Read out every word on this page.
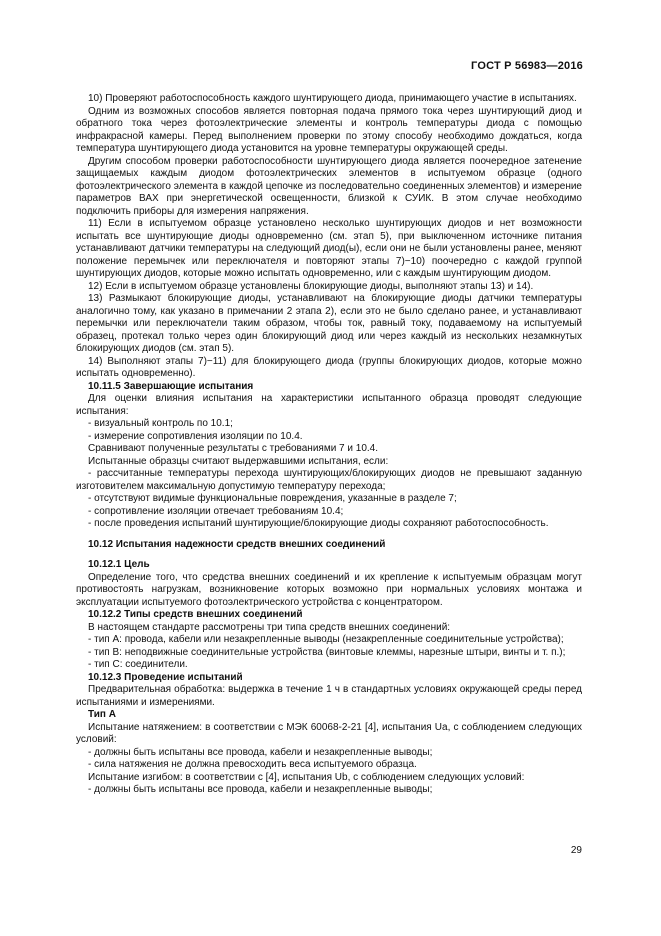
ГОСТ Р 56983—2016

10) Проверяют работоспособность каждого шунтирующего диода, принимающего участие в испытаниях.

Одним из возможных способов является повторная подача прямого тока через шунтирующий диод и обратного тока через фотоэлектрические элементы и контроль температуры диода с помощью инфракрасной камеры. Перед выполнением проверки по этому способу необходимо дождаться, когда температура шунтирующего диода установится на уровне температуры окружающей среды.

Другим способом проверки работоспособности шунтирующего диода является поочередное затенение защищаемых каждым диодом фотоэлектрических элементов в испытуемом образце (одного фотоэлектрического элемента в каждой цепочке из последовательно соединенных элементов) и измерение параметров ВАХ при энергетической освещенности, близкой к СУИК. В этом случае необходимо подключить приборы для измерения напряжения.

11) Если в испытуемом образце установлено несколько шунтирующих диодов и нет возможности испытать все шунтирующие диоды одновременно (см. этап 5), при выключенном источнике питания устанавливают датчики температуры на следующий диод(ы), если они не были установлены ранее, меняют положение перемычек или переключателя и повторяют этапы 7)−10) поочередно с каждой группой шунтирующих диодов, которые можно испытать одновременно, или с каждым шунтирующим диодом.

12) Если в испытуемом образце установлены блокирующие диоды, выполняют этапы 13) и 14).

13) Размыкают блокирующие диоды, устанавливают на блокирующие диоды датчики температуры аналогично тому, как указано в примечании 2 этапа 2), если это не было сделано ранее, и устанавливают перемычки или переключатели таким образом, чтобы ток, равный току, подаваемому на испытуемый образец, протекал только через один блокирующий диод или через каждый из нескольких незамкнутых блокирующих диодов (см. этап 5).

14) Выполняют этапы 7)−11) для блокирующего диода (группы блокирующих диодов, которые можно испытать одновременно).

10.11.5 Завершающие испытания

Для оценки влияния испытания на характеристики испытанного образца проводят следующие испытания:

- визуальный контроль по 10.1;

- измерение сопротивления изоляции по 10.4.

Сравнивают полученные результаты с требованиями 7 и 10.4.

Испытанные образцы считают выдержавшими испытания, если:

- рассчитанные температуры перехода шунтирующих/блокирующих диодов не превышают заданную изготовителем максимальную допустимую температуру перехода;

- отсутствуют видимые функциональные повреждения, указанные в разделе 7;

- сопротивление изоляции отвечает требованиям 10.4;

- после проведения испытаний шунтирующие/блокирующие диоды сохраняют работоспособность.

10.12 Испытания надежности средств внешних соединений

10.12.1 Цель

Определение того, что средства внешних соединений и их крепление к испытуемым образцам могут противостоять нагрузкам, возникновение которых возможно при нормальных условиях монтажа и эксплуатации испытуемого фотоэлектрического устройства с концентратором.

10.12.2 Типы средств внешних соединений

В настоящем стандарте рассмотрены три типа средств внешних соединений:

- тип А: провода, кабели или незакрепленные выводы (незакрепленные соединительные устройства);

- тип В: неподвижные соединительные устройства (винтовые клеммы, нарезные штыри, винты и т. п.);

- тип С: соединители.

10.12.3 Проведение испытаний

Предварительная обработка: выдержка в течение 1 ч в стандартных условиях окружающей среды перед испытаниями и измерениями.

Тип А

Испытание натяжением: в соответствии с МЭК 60068-2-21 [4], испытания Ua, с соблюдением следующих условий:

- должны быть испытаны все провода, кабели и незакрепленные выводы;

- сила натяжения не должна превосходить веса испытуемого образца.

Испытание изгибом: в соответствии с [4], испытания Ub, с соблюдением следующих условий:

- должны быть испытаны все провода, кабели и незакрепленные выводы;

29
